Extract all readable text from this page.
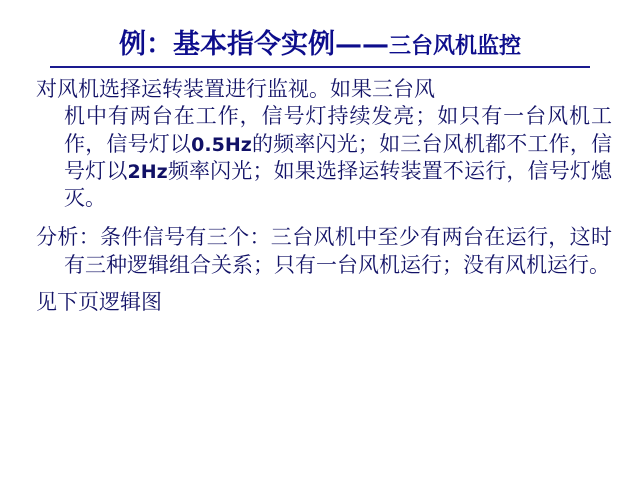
例：基本指令实例——三台风机监控
对风机选择运转装置进行监视。如果三台风
机中有两台在工作，信号灯持续发亮；如只有一台风机工作，信号灯以0.5Hz的频率闪光；如三台风机都不工作，信号灯以2Hz频率闪光；如果选择运转装置不运行，信号灯熄灭。
分析：条件信号有三个：三台风机中至少有两台在运行，这时有三种逻辑组合关系；只有一台风机运行；没有风机运行。
见下页逻辑图
